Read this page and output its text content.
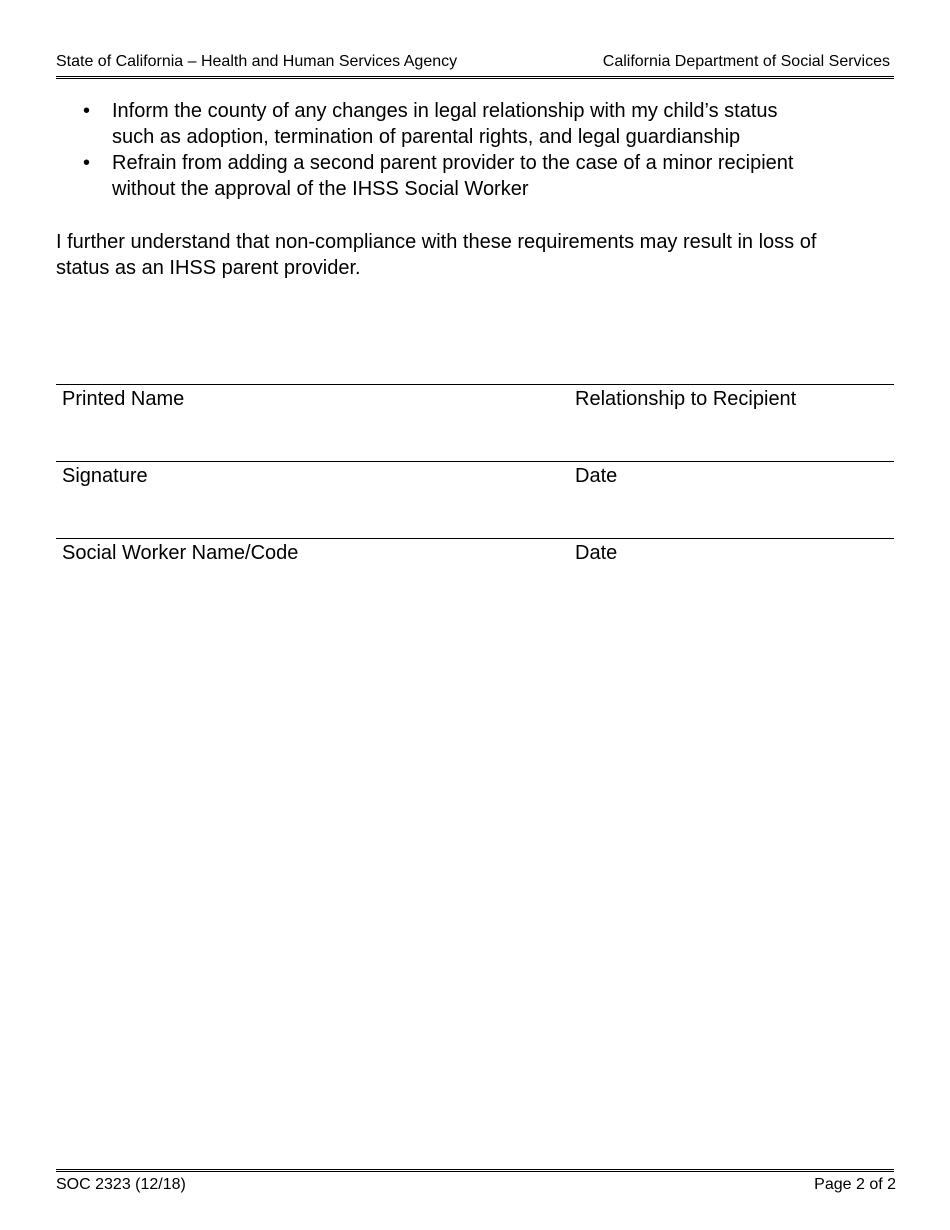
State of California – Health and Human Services Agency	California Department of Social Services
• Inform the county of any changes in legal relationship with my child’s status
such as adoption, termination of parental rights, and legal guardianship
• Refrain from adding a second parent provider to the case of a minor recipient
without the approval of the IHSS Social Worker

I further understand that non-compliance with these requirements may result in loss of
status as an IHSS parent provider.

Printed Name	Relationship to Recipient
Signature	Date
Social Worker Name/Code	Date
SOC 2323 (12/18)	Page 2 of 2
